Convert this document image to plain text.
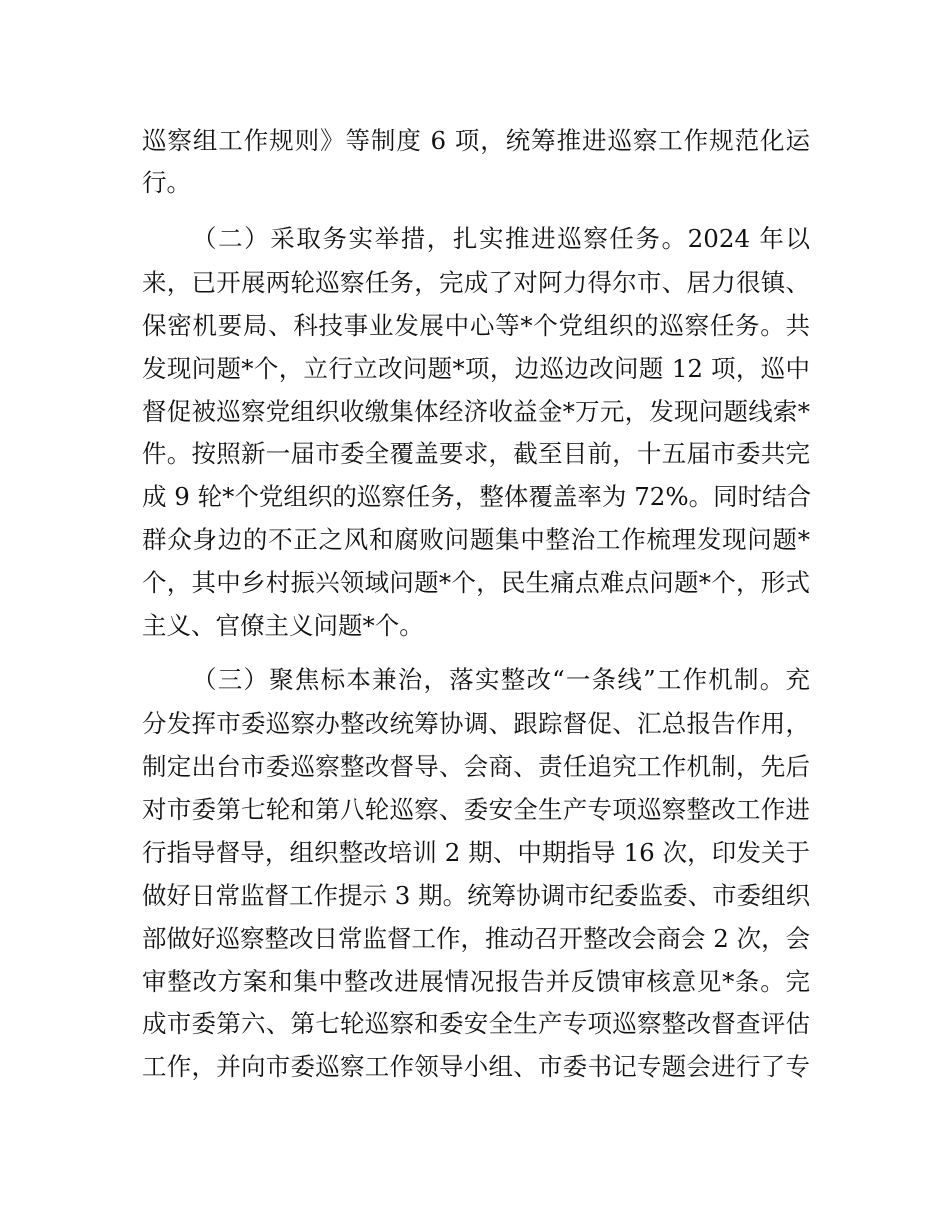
巡察组工作规则》等制度 6 项，统筹推进巡察工作规范化运
行。
（二）采取务实举措，扎实推进巡察任务。2024 年以
来，已开展两轮巡察任务，完成了对阿力得尔市、居力很镇、
保密机要局、科技事业发展中心等*个党组织的巡察任务。共
发现问题*个，立行立改问题*项，边巡边改问题 12 项，巡中
督促被巡察党组织收缴集体经济收益金*万元，发现问题线索*
件。按照新一届市委全覆盖要求，截至目前，十五届市委共完
成 9 轮*个党组织的巡察任务，整体覆盖率为 72%。同时结合
群众身边的不正之风和腐败问题集中整治工作梳理发现问题*
个，其中乡村振兴领域问题*个，民生痛点难点问题*个，形式
主义、官僚主义问题*个。
（三）聚焦标本兼治，落实整改“一条线”工作机制。充
分发挥市委巡察办整改统筹协调、跟踪督促、汇总报告作用，
制定出台市委巡察整改督导、会商、责任追究工作机制，先后
对市委第七轮和第八轮巡察、委安全生产专项巡察整改工作进
行指导督导，组织整改培训 2 期、中期指导 16 次，印发关于
做好日常监督工作提示 3 期。统筹协调市纪委监委、市委组织
部做好巡察整改日常监督工作，推动召开整改会商会 2 次，会
审整改方案和集中整改进展情况报告并反馈审核意见*条。完
成市委第六、第七轮巡察和委安全生产专项巡察整改督查评估
工作，并向市委巡察工作领导小组、市委书记专题会进行了专
